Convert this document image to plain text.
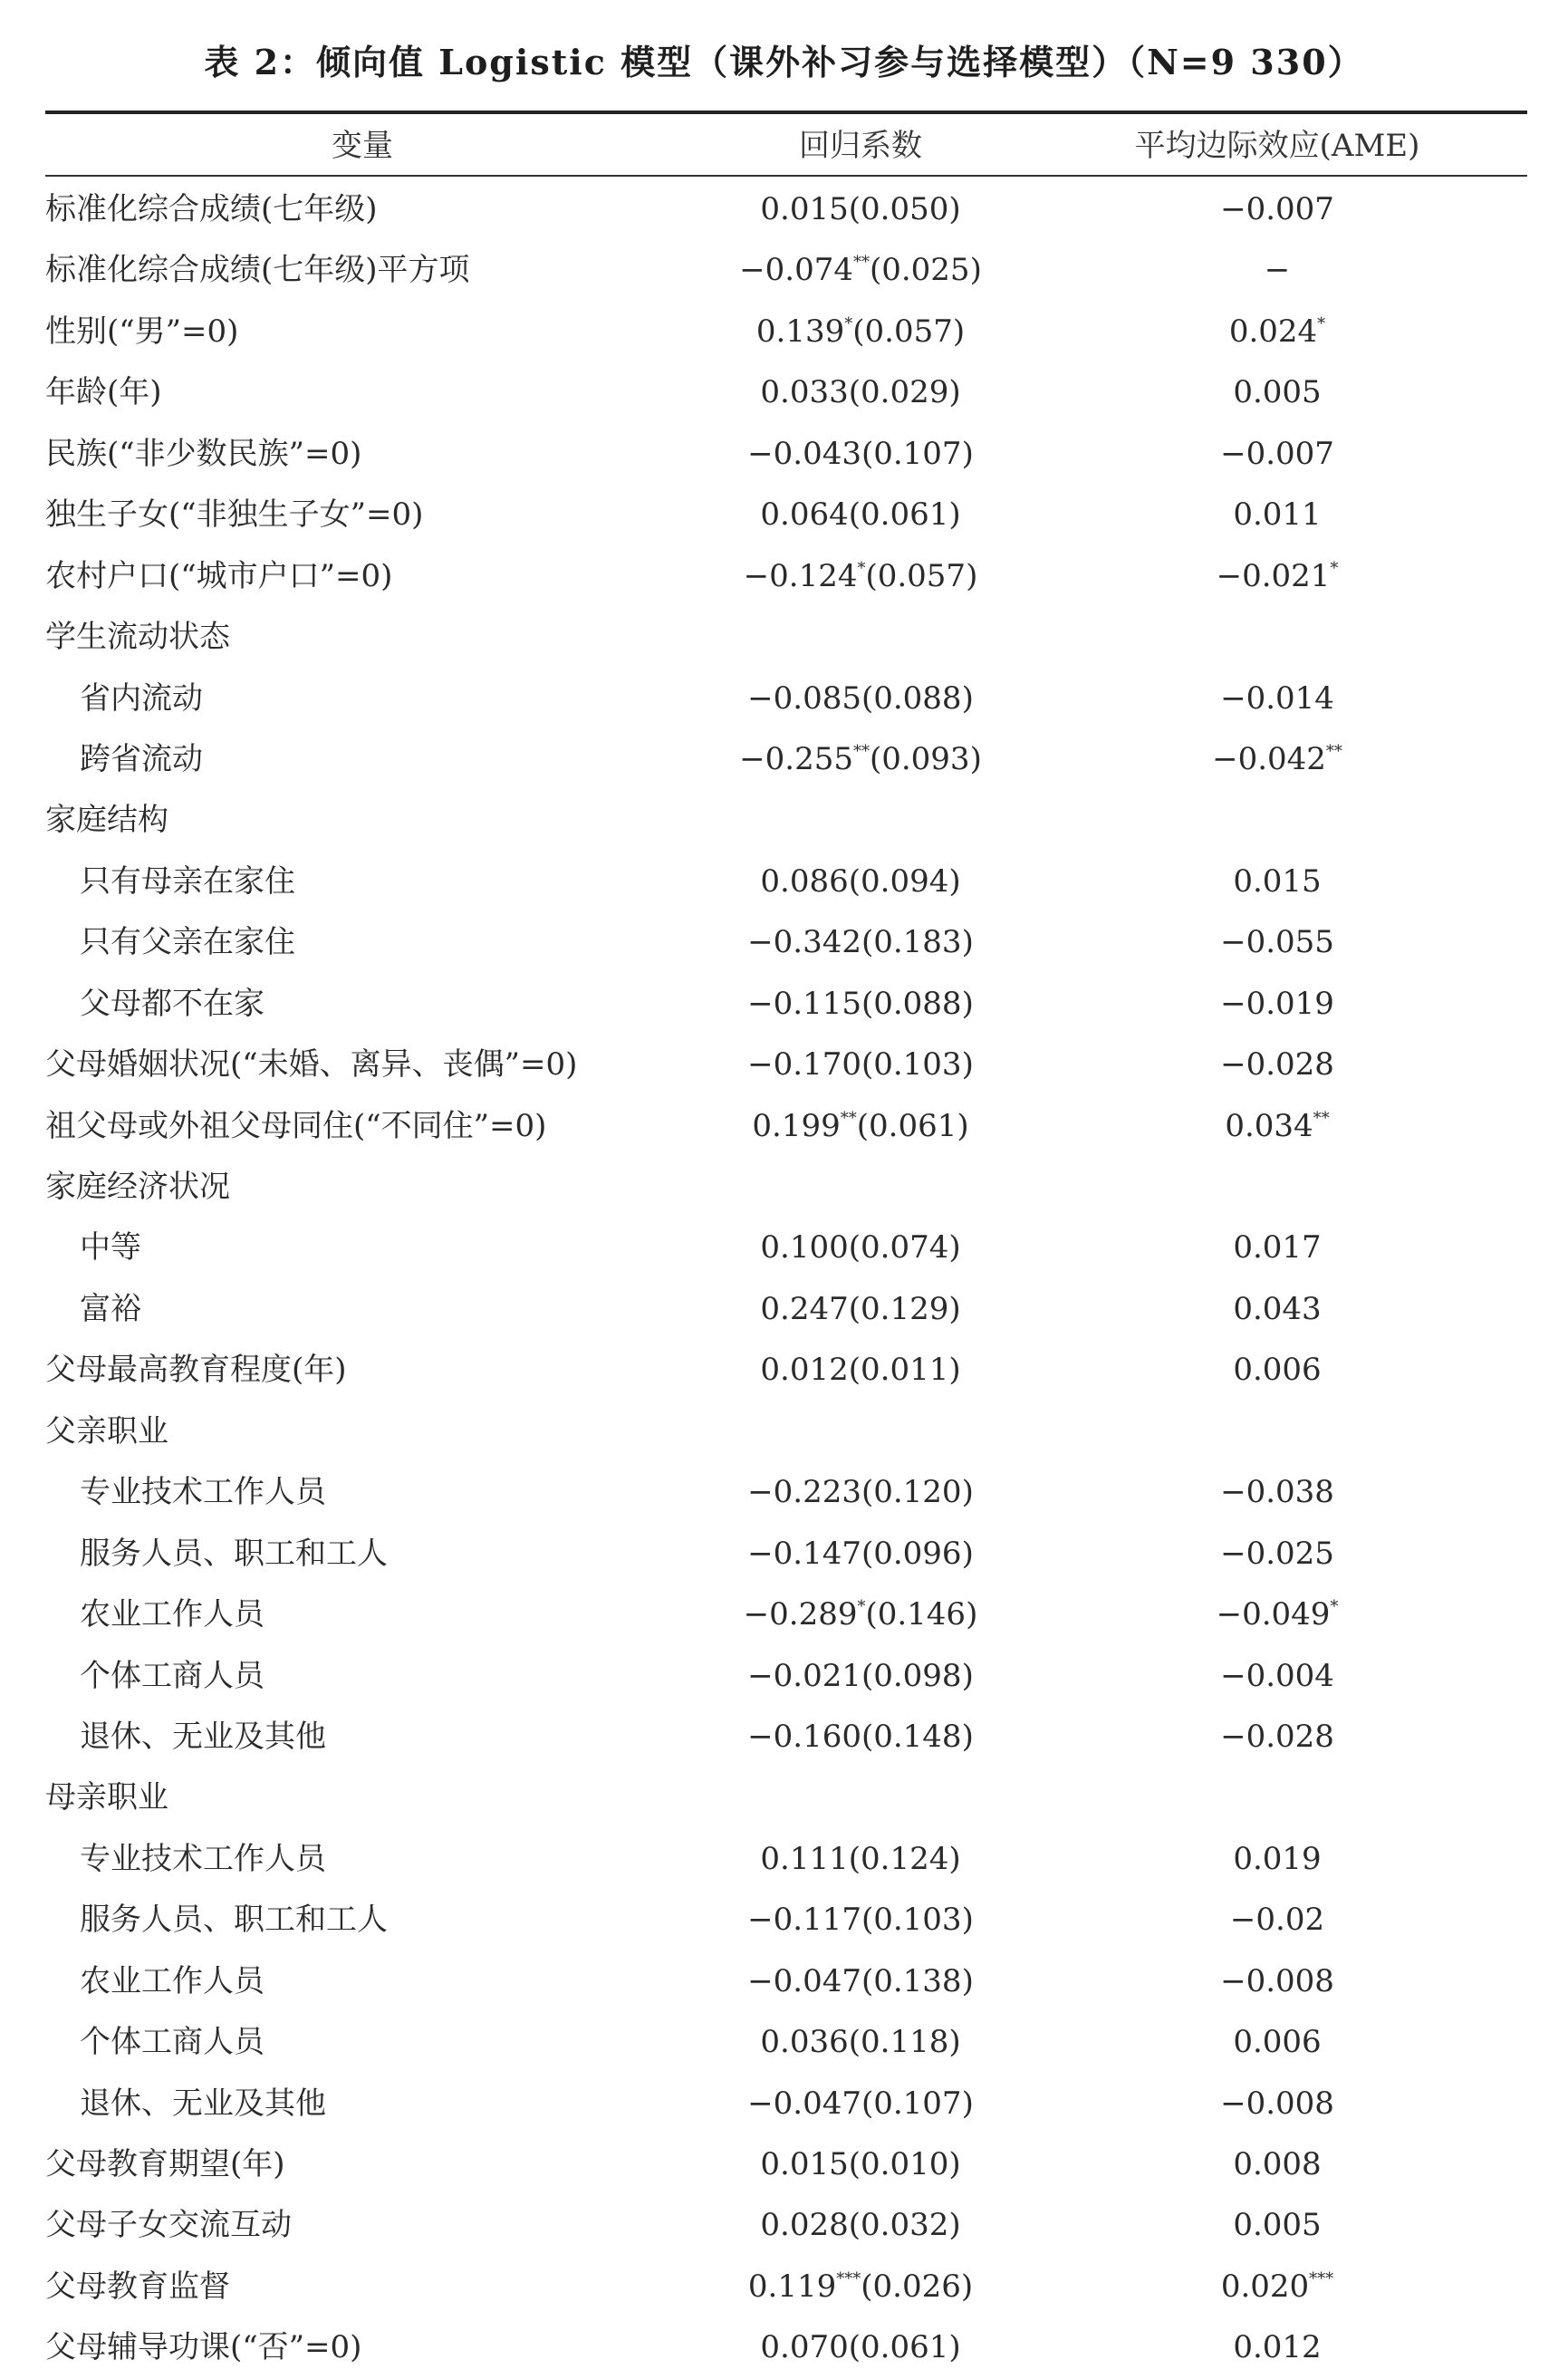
表 2：倾向值 Logistic 模型（课外补习参与选择模型）（N=9 330）
变量	回归系数	平均边际效应(AME)
标准化综合成绩(七年级)	0.015(0.050)	−0.007
标准化综合成绩(七年级)平方项	−0.074**(0.025)	−
性别(“男”=0)	0.139*(0.057)	0.024*
年龄(年)	0.033(0.029)	0.005
民族(“非少数民族”=0)	−0.043(0.107)	−0.007
独生子女(“非独生子女”=0)	0.064(0.061)	0.011
农村户口(“城市户口”=0)	−0.124*(0.057)	−0.021*
学生流动状态
省内流动	−0.085(0.088)	−0.014
跨省流动	−0.255**(0.093)	−0.042**
家庭结构
只有母亲在家住	0.086(0.094)	0.015
只有父亲在家住	−0.342(0.183)	−0.055
父母都不在家	−0.115(0.088)	−0.019
父母婚姻状况(“未婚、离异、丧偶”=0)	−0.170(0.103)	−0.028
祖父母或外祖父母同住(“不同住”=0)	0.199**(0.061)	0.034**
家庭经济状况
中等	0.100(0.074)	0.017
富裕	0.247(0.129)	0.043
父母最高教育程度(年)	0.012(0.011)	0.006
父亲职业
专业技术工作人员	−0.223(0.120)	−0.038
服务人员、职工和工人	−0.147(0.096)	−0.025
农业工作人员	−0.289*(0.146)	−0.049*
个体工商人员	−0.021(0.098)	−0.004
退休、无业及其他	−0.160(0.148)	−0.028
母亲职业
专业技术工作人员	0.111(0.124)	0.019
服务人员、职工和工人	−0.117(0.103)	−0.02
农业工作人员	−0.047(0.138)	−0.008
个体工商人员	0.036(0.118)	0.006
退休、无业及其他	−0.047(0.107)	−0.008
父母教育期望(年)	0.015(0.010)	0.008
父母子女交流互动	0.028(0.032)	0.005
父母教育监督	0.119***(0.026)	0.020***
父母辅导功课(“否”=0)	0.070(0.061)	0.012
